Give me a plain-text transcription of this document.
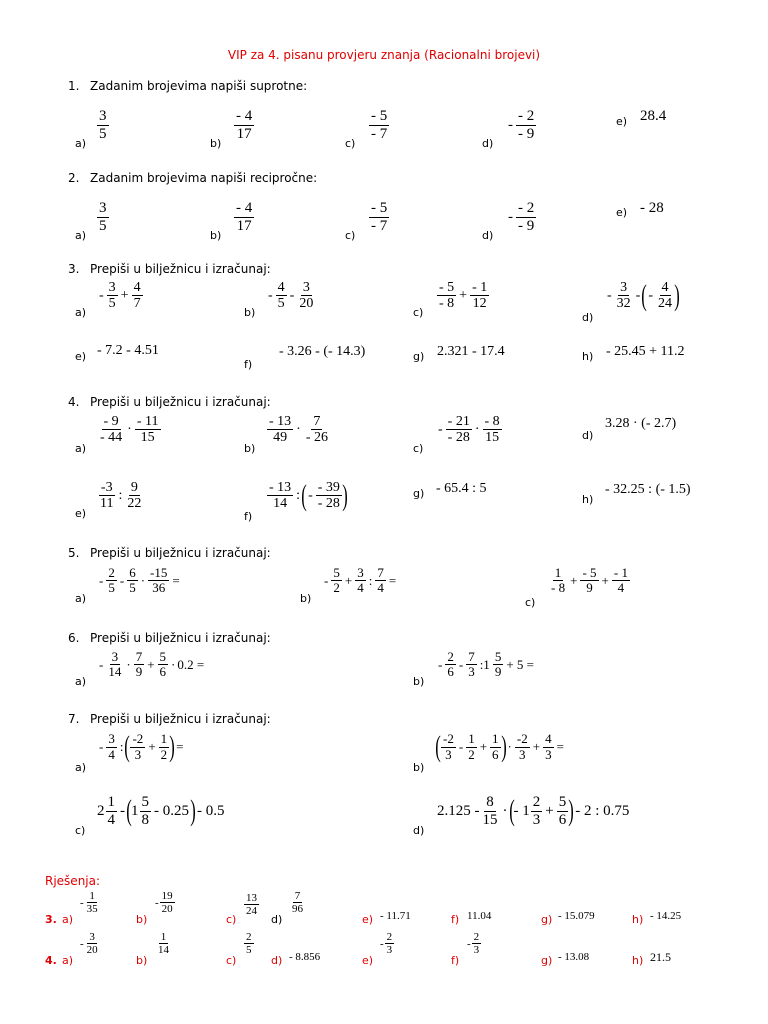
VIP za 4. pisanu provjeru znanja (Racionalni brojevi)
1. Zadanim brojevima napiši suprotne:
a)
$\frac{3}{5}$
b)
$\frac{- 4}{17}$
c)
$\frac{- 5}{- 7}$
d)
- $\frac{- 2}{- 9}$	e) 28.4
2. Zadanim brojevima napiši recipročne:
a)
$\frac{3}{5}$
b)
$\frac{- 4}{17}$
c)
$\frac{- 5}{- 7}$
d)
- $\frac{- 2}{- 9}$	e) - 28
3. Prepiši u bilježnicu i izračunaj:
a)
- $\frac{3}{5} + \frac{4}{7}$
b)
- $\frac{4}{5} - \frac{3}{20}$
c)
$\frac{- 5}{- 8} + \frac{- 1}{12}$
d)
- $\frac{3}{32}$ - ( - $\frac{4}{24}$ )
e) - 7.2 - 4.51
f)
- 3.26 -
(- 14.3)	g) 2.321 - 17.4	h) - 25.45 + 11.2
4. Prepiši u bilježnicu i izračunaj:
a)
$\frac{- 9}{- 44} \cdot \frac{- 11}{15}$
b)
$\frac{- 13}{49} \cdot \frac{7}{- 26}$
c)
- $\frac{- 21}{- 28} \cdot \frac{- 8}{15}$	d)
3.28 ·
(- 2.7)
e)
$\frac{-3}{11}$ : $\frac{9}{22}$
f)
$\frac{- 13}{14}$ : ( - $\frac{- 39}{- 28}$ )	g) - 65.4 : 5
h)
- 32.25 :
(- 1.5)
5. Prepiši u bilježnicu i izračunaj:
a)
- $\frac{2}{5} - \frac{6}{5} \cdot \frac{-15}{36}$ =
b)
- $\frac{5}{2} + \frac{3}{4}$ : $\frac{7}{4}$ =
c)
$\frac{1}{- 8} + \frac{- 5}{9} + \frac{- 1}{4}$
6. Prepiši u bilježnicu i izračunaj:
a)
- $\frac{3}{14} \cdot \frac{7}{9} + \frac{5}{6} \cdot 0.2$ =
b)
- $\frac{2}{6} - \frac{7}{3}$ :1 $\frac{5}{9} + 5$ =
7. Prepiši u bilježnicu i izračunaj:
a)
- $\frac{3}{4}$ : ( $\frac{-2}{3} + \frac{1}{2}$ ) =
b)
( $\frac{-2}{3} - \frac{1}{2} + \frac{1}{6}$ ) · $\frac{-2}{3} + \frac{4}{3}$ =
c)
$2 \frac{1}{4}$ - ( $1 \frac{5}{8} - 0.25$ ) - 0.5
d)
$2.125 - \frac{8}{15}$ · ( - $1 \frac{2}{3} + \frac{5}{6}$ ) - 2 : 0.75
Rješenja:
3. a)
- $\frac{1}{35}$
b)
- $\frac{19}{20}$
c)
$\frac{13}{24}$
d)
$\frac{7}{96}$
e) - 11.71	f) 11.04	g) - 15.079	h) - 14.25
4. a)
- $\frac{3}{20}$
b)
$\frac{1}{14}$
c)
$\frac{2}{5}$
d) - 8.856	e)
- $\frac{2}{3}$
f)
- $\frac{2}{3}$
g) - 13.08	h) 21.5
